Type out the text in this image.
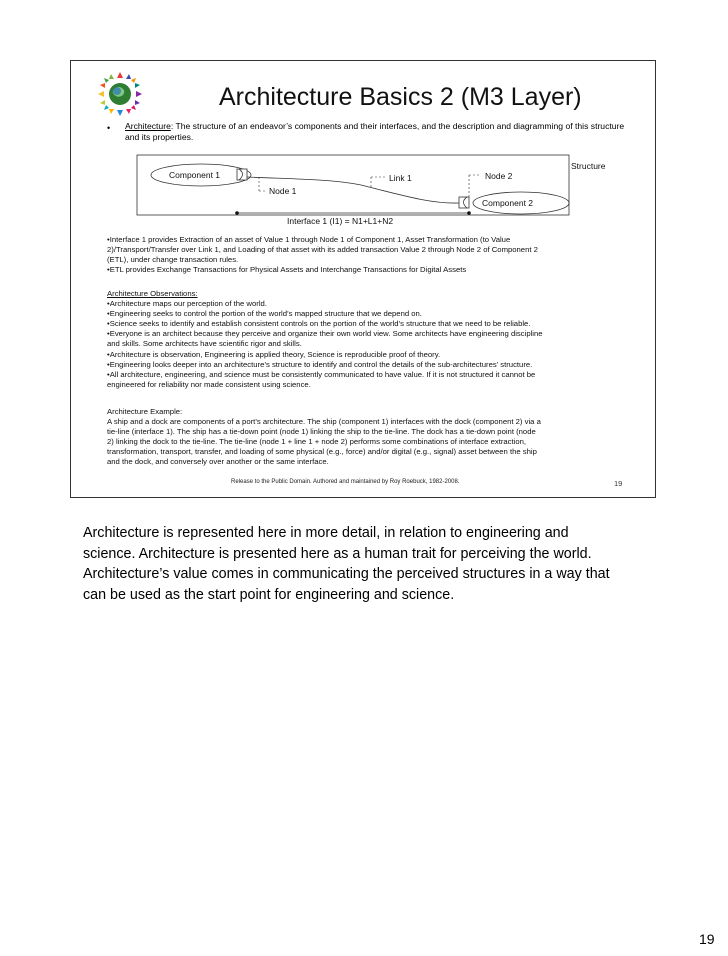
Architecture Basics 2 (M3 Layer)
• Architecture: The structure of an endeavor’s components and their interfaces, and the description and diagramming of this structure and its properties.
Structure
Component 1
Component 2
Node 1
Link 1	Node 2
Interface 1 (I1) = N1+L1+N2
•Interface 1 provides Extraction of an asset of Value 1 through Node 1 of Component 1, Asset Transformation (to Value
2)/Transport/Transfer over Link 1, and Loading of that asset with its added transaction Value 2 through Node 2 of Component 2
(ETL), under change transaction rules.
•ETL provides Exchange Transactions for Physical Assets and Interchange Transactions for Digital Assets
Architecture Observations:
•Architecture maps our perception of the world.
•Engineering seeks to control the portion of the world’s mapped structure that we depend on.
•Science seeks to identify and establish consistent controls on the portion of the world’s structure that we need to be reliable.
•Everyone is an architect because they perceive and organize their own world view. Some architects have engineering discipline
and skills. Some architects have scientific rigor and skills.
•Architecture is observation, Engineering is applied theory, Science is reproducible proof of theory.
•Engineering looks deeper into an architecture’s structure to identify and control the details of the sub-architectures’ structure.
•All architecture, engineering, and science must be consistently communicated to have value. If it is not structured it cannot be
engineered for reliability nor made consistent using science.
Architecture Example:
A ship and a dock are components of a port’s architecture. The ship (component 1) interfaces with the dock (component 2) via a
tie-line (interface 1). The ship has a tie-down point (node 1) linking the ship to the tie-line. The dock has a tie-down point (node
2) linking the dock to the tie-line. The tie-line (node 1 + line 1 + node 2) performs some combinations of interface extraction,
transformation, transport, transfer, and loading of some physical (e.g., force) and/or digital (e.g., signal) asset between the ship
and the dock, and conversely over another or the same interface.
Release to the Public Domain. Authored and maintained by Roy Roebuck, 1982-2008.	19
Architecture is represented here in more detail, in relation to engineering and
science. Architecture is presented here as a human trait for perceiving the world.
Architecture’s value comes in communicating the perceived structures in a way that
can be used as the start point for engineering and science.
19
